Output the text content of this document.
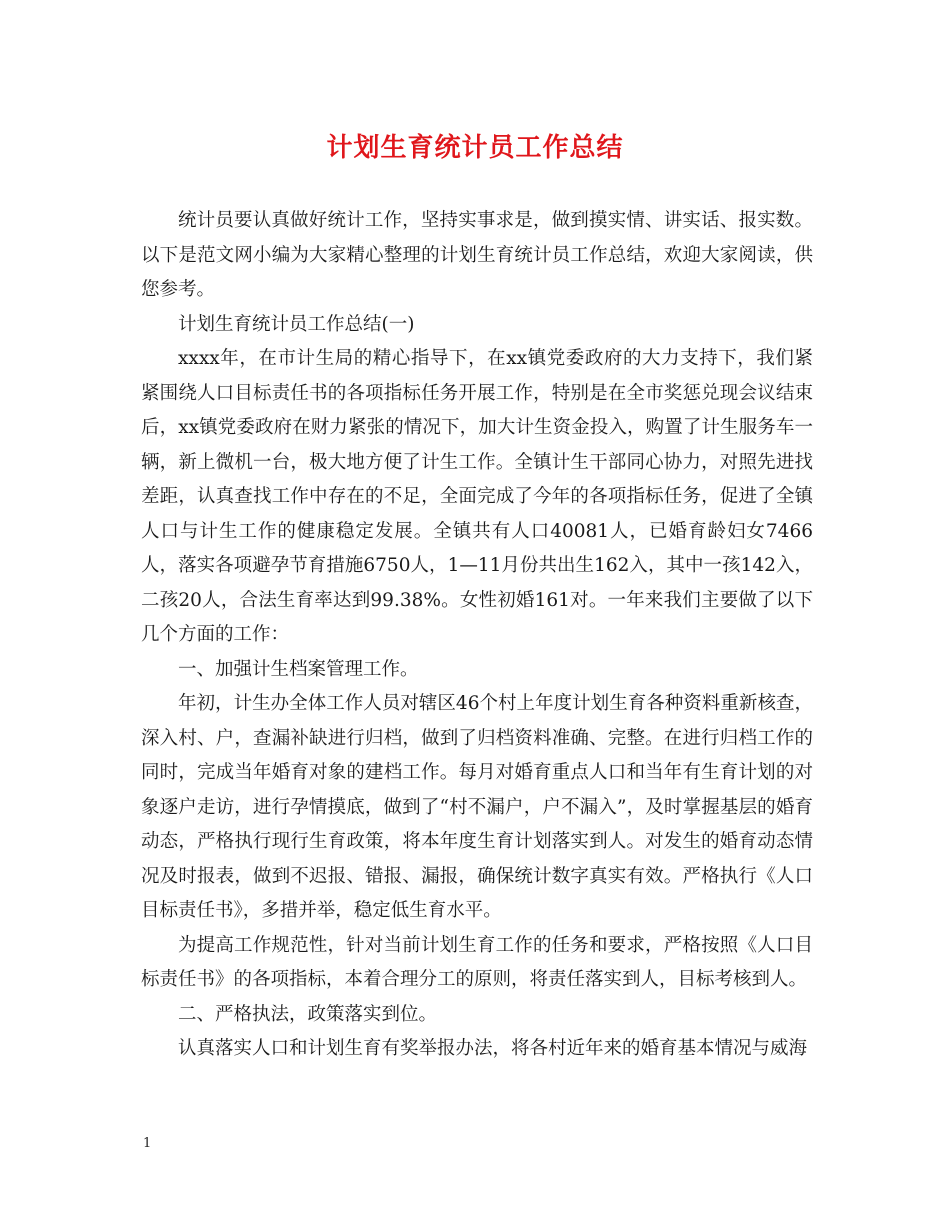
计划生育统计员工作总结

统计员要认真做好统计工作，坚持实事求是，做到摸实情、讲实话、报实数。以下是范文网小编为大家精心整理的计划生育统计员工作总结，欢迎大家阅读，供您参考。

计划生育统计员工作总结(一)

xxxx年，在市计生局的精心指导下，在xx镇党委政府的大力支持下，我们紧紧围绕人口目标责任书的各项指标任务开展工作，特别是在全市奖惩兑现会议结束后，xx镇党委政府在财力紧张的情况下，加大计生资金投入，购置了计生服务车一辆，新上微机一台，极大地方便了计生工作。全镇计生干部同心协力，对照先进找差距，认真查找工作中存在的不足，全面完成了今年的各项指标任务，促进了全镇人口与计生工作的健康稳定发展。全镇共有人口40081人，已婚育龄妇女7466人，落实各项避孕节育措施6750人，1—11月份共出生162入，其中一孩142入，二孩20人，合法生育率达到99.38%。女性初婚161对。一年来我们主要做了以下几个方面的工作：

一、加强计生档案管理工作。

年初，计生办全体工作人员对辖区46个村上年度计划生育各种资料重新核查，深入村、户，查漏补缺进行归档，做到了归档资料准确、完整。在进行归档工作的同时，完成当年婚育对象的建档工作。每月对婚育重点人口和当年有生育计划的对象逐户走访，进行孕情摸底，做到了“村不漏户，户不漏入”，及时掌握基层的婚育动态，严格执行现行生育政策，将本年度生育计划落实到人。对发生的婚育动态情况及时报表，做到不迟报、错报、漏报，确保统计数字真实有效。严格执行《人口目标责任书》，多措并举，稳定低生育水平。

为提高工作规范性，针对当前计划生育工作的任务和要求，严格按照《人口目标责任书》的各项指标，本着合理分工的原则，将责任落实到人，目标考核到人。

二、严格执法，政策落实到位。

认真落实人口和计划生育有奖举报办法，将各村近年来的婚育基本情况与威海

1
